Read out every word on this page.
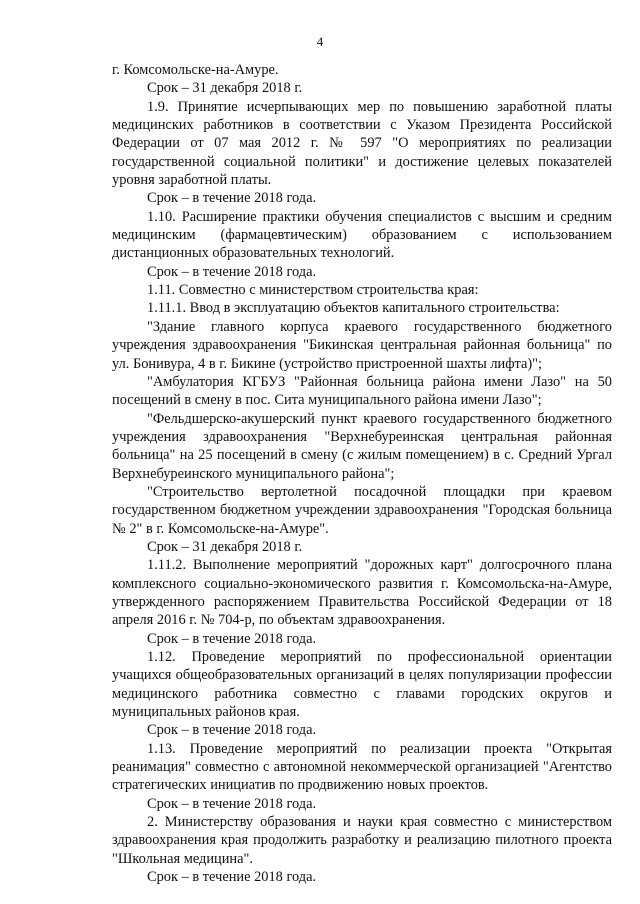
4

г. Комсомольске-на-Амуре.

Срок – 31 декабря 2018 г.

1.9. Принятие исчерпывающих мер по повышению заработной платы медицинских работников в соответствии с Указом Президента Российской Федерации от 07 мая 2012 г. № 597 "О мероприятиях по реализации государственной социальной политики" и достижение целевых показателей уровня заработной платы.

Срок – в течение 2018 года.

1.10. Расширение практики обучения специалистов с высшим и средним медицинским (фармацевтическим) образованием с использованием дистанционных образовательных технологий.

Срок – в течение 2018 года.

1.11. Совместно с министерством строительства края:

1.11.1. Ввод в эксплуатацию объектов капитального строительства:

"Здание главного корпуса краевого государственного бюджетного учреждения здравоохранения "Бикинская центральная районная больница" по ул. Бонивура, 4 в г. Бикине (устройство пристроенной шахты лифта)";

"Амбулатория КГБУЗ "Районная больница района имени Лазо" на 50 посещений в смену в пос. Сита муниципального района имени Лазо";

"Фельдшерско-акушерский пункт краевого государственного бюджетного учреждения здравоохранения "Верхнебуреинская центральная районная больница" на 25 посещений в смену (с жилым помещением) в с. Средний Ургал Верхнебуреинского муниципального района";

"Строительство вертолетной посадочной площадки при краевом государственном бюджетном учреждении здравоохранения "Городская больница № 2" в г. Комсомольске-на-Амуре".

Срок – 31 декабря 2018 г.

1.11.2. Выполнение мероприятий "дорожных карт" долгосрочного плана комплексного социально-экономического развития г. Комсомольска-на-Амуре, утвержденного распоряжением Правительства Российской Федерации от 18 апреля 2016 г. № 704-р, по объектам здравоохранения.

Срок – в течение 2018 года.

1.12. Проведение мероприятий по профессиональной ориентации учащихся общеобразовательных организаций в целях популяризации профессии медицинского работника совместно с главами городских округов и муниципальных районов края.

Срок – в течение 2018 года.

1.13. Проведение мероприятий по реализации проекта "Открытая реанимация" совместно с автономной некоммерческой организацией "Агентство стратегических инициатив по продвижению новых проектов.

Срок – в течение 2018 года.

2. Министерству образования и науки края совместно с министерством здравоохранения края продолжить разработку и реализацию пилотного проекта "Школьная медицина".

Срок – в течение 2018 года.
